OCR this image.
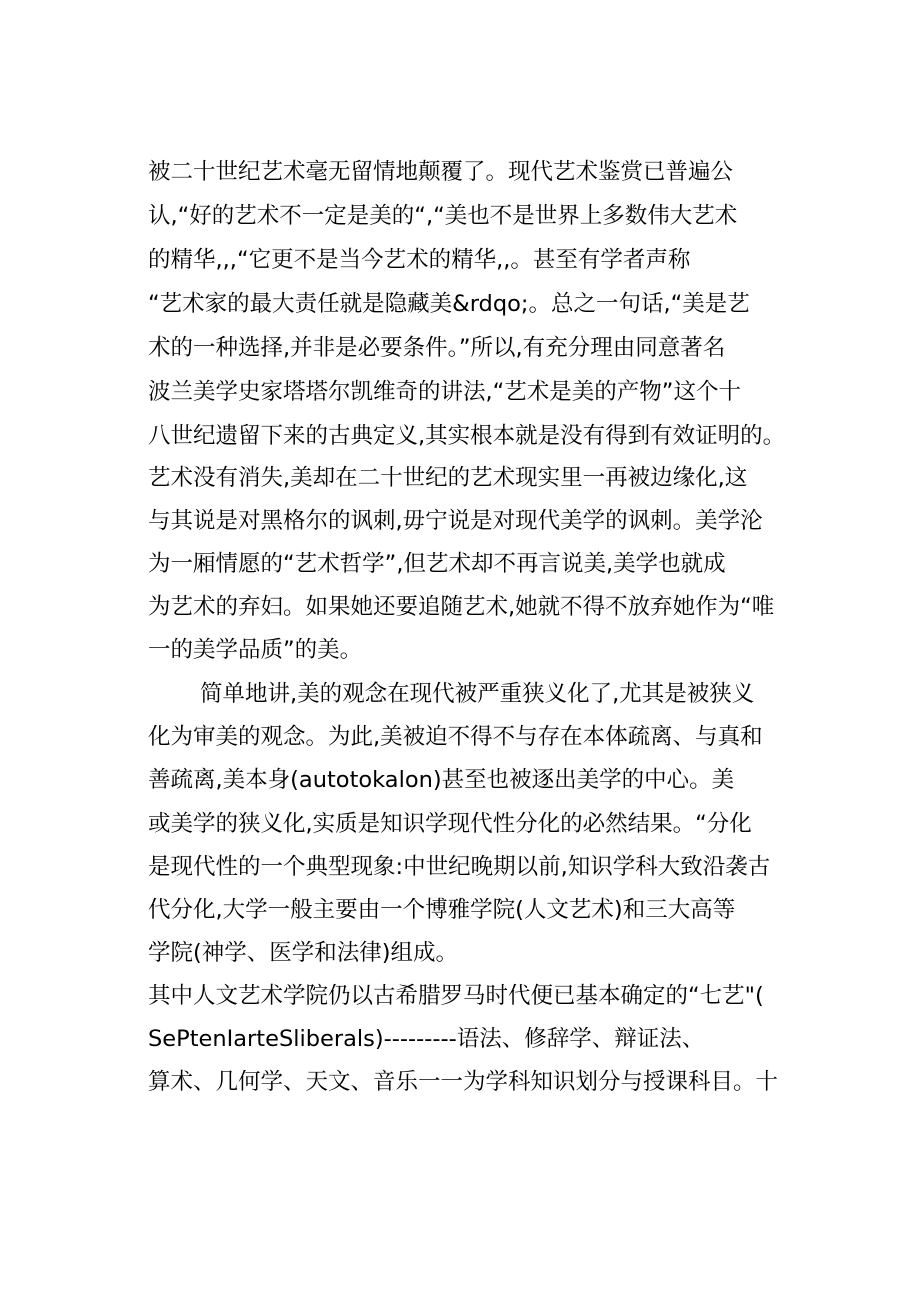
被二十世纪艺术毫无留情地颠覆了。现代艺术鉴赏已普遍公
认,“好的艺术不一定是美的“,“美也不是世界上多数伟大艺术
的精华,,,“它更不是当今艺术的精华,,。甚至有学者声称
“艺术家的最大责任就是隐藏美&rdqo;。总之一句话,“美是艺
术的一种选择,并非是必要条件。”所以,有充分理由同意著名
波兰美学史家塔塔尔凯维奇的讲法,“艺术是美的产物”这个十
八世纪遗留下来的古典定义,其实根本就是没有得到有效证明的。
艺术没有消失,美却在二十世纪的艺术现实里一再被边缘化,这
与其说是对黑格尔的讽刺,毋宁说是对现代美学的讽刺。美学沦
为一厢情愿的“艺术哲学”,但艺术却不再言说美,美学也就成
为艺术的弃妇。如果她还要追随艺术,她就不得不放弃她作为“唯
一的美学品质”的美。
简单地讲,美的观念在现代被严重狭义化了,尤其是被狭义
化为审美的观念。为此,美被迫不得不与存在本体疏离、与真和
善疏离,美本身(autotokalon)甚至也被逐出美学的中心。美
或美学的狭义化,实质是知识学现代性分化的必然结果。“分化
是现代性的一个典型现象:中世纪晚期以前,知识学科大致沿袭古
代分化,大学一般主要由一个博雅学院(人文艺术)和三大高等
学院(神学、医学和法律)组成。
其中人文艺术学院仍以古希腊罗马时代便已基本确定的“七艺"(
SePtenIarteSliberals)---------语法、修辞学、辩证法、
算术、几何学、天文、音乐一一为学科知识划分与授课科目。十
